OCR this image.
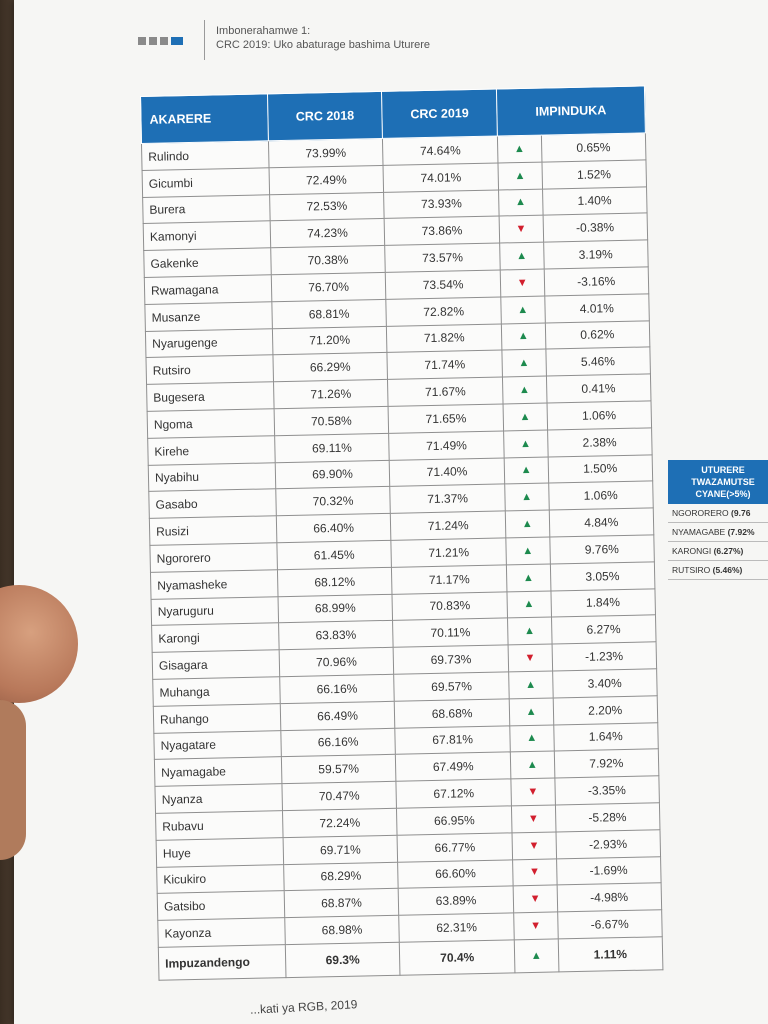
Imbonerahamwe 1:
CRC 2019: Uko abaturage bashima Uturere
AKARERE	CRC 2018	CRC 2019	IMPINDUKA	
Rulindo	73.99%	74.64%	▲	0.65%
Gicumbi	72.49%	74.01%	▲	1.52%
Burera	72.53%	73.93%	▲	1.40%
Kamonyi	74.23%	73.86%	▼	-0.38%
Gakenke	70.38%	73.57%	▲	3.19%
Rwamagana	76.70%	73.54%	▼	-3.16%
Musanze	68.81%	72.82%	▲	4.01%
Nyarugenge	71.20%	71.82%	▲	0.62%
Rutsiro	66.29%	71.74%	▲	5.46%
Bugesera	71.26%	71.67%	▲	0.41%
Ngoma	70.58%	71.65%	▲	1.06%
Kirehe	69.11%	71.49%	▲	2.38%
Nyabihu	69.90%	71.40%	▲	1.50%
Gasabo	70.32%	71.37%	▲	1.06%
Rusizi	66.40%	71.24%	▲	4.84%
Ngororero	61.45%	71.21%	▲	9.76%
Nyamasheke	68.12%	71.17%	▲	3.05%
Nyaruguru	68.99%	70.83%	▲	1.84%
Karongi	63.83%	70.11%	▲	6.27%
Gisagara	70.96%	69.73%	▼	-1.23%
Muhanga	66.16%	69.57%	▲	3.40%
Ruhango	66.49%	68.68%	▲	2.20%
Nyagatare	66.16%	67.81%	▲	1.64%
Nyamagabe	59.57%	67.49%	▲	7.92%
Nyanza	70.47%	67.12%	▼	-3.35%
Rubavu	72.24%	66.95%	▼	-5.28%
Huye	69.71%	66.77%	▼	-2.93%
Kicukiro	68.29%	66.60%	▼	-1.69%
Gatsibo	68.87%	63.89%	▼	-4.98%
Kayonza	68.98%	62.31%	▼	-6.67%
Impuzandengo	69.3%	70.4%	▲	1.11%
UTURERE TWAZAMUTSE CYANE(>5%)
NGORORERO (9.76
NYAMAGABE (7.92%
KARONGI (6.27%)
RUTSIRO (5.46%)
...kati ya RGB, 2019
